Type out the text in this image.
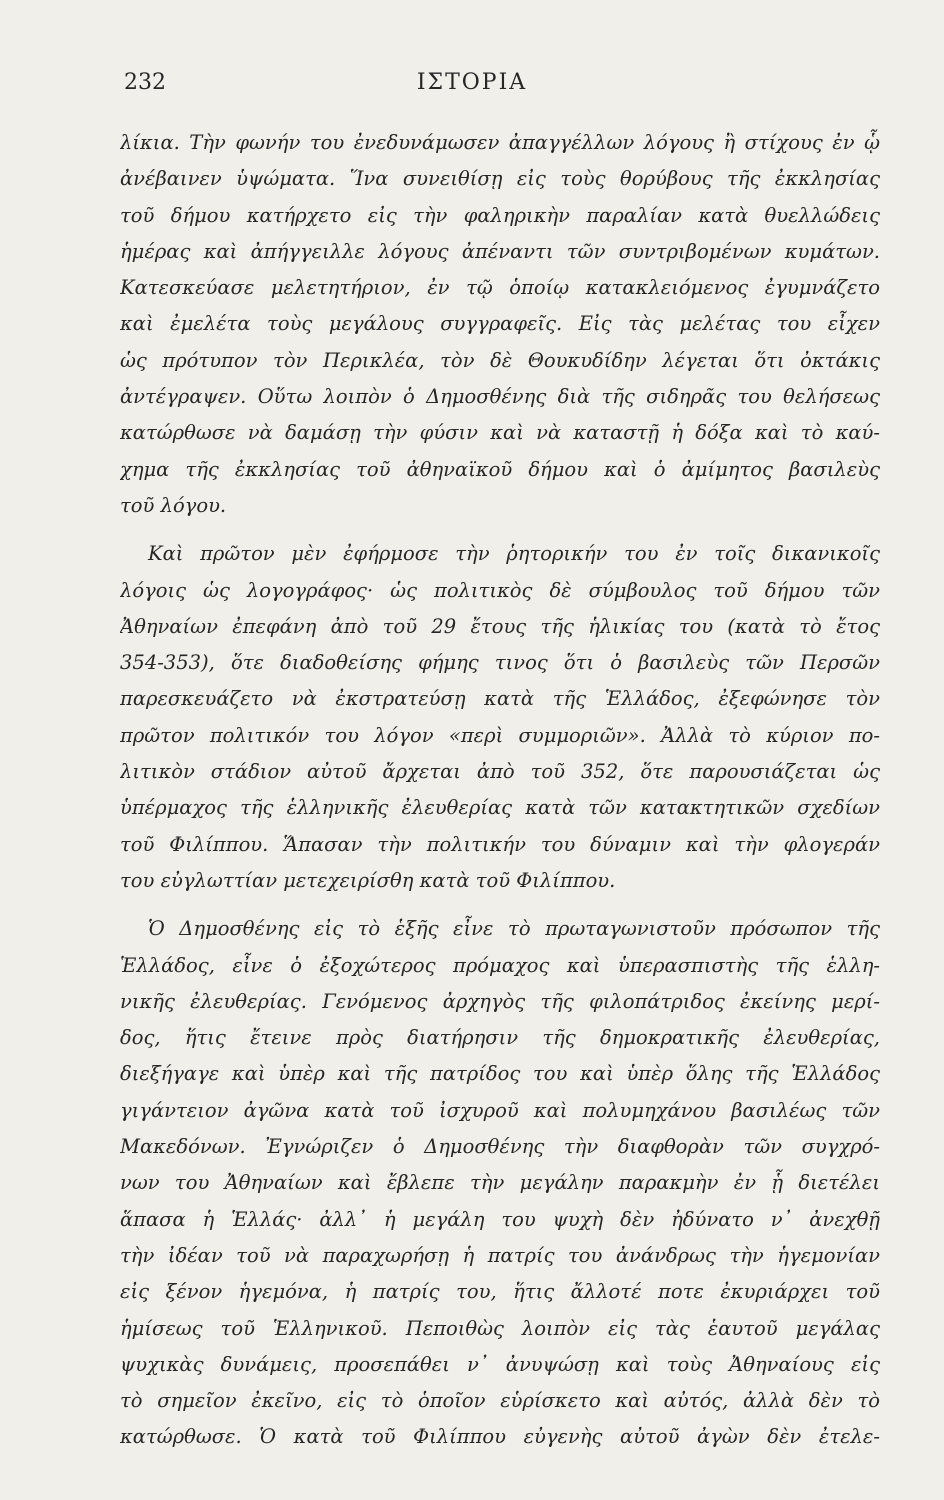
232	ΙΣΤΟΡΙΑ
λίκια. Τὴν φωνήν του ἐνεδυνάμωσεν ἀπαγγέλλων λόγους ἢ στίχους ἐν ᾧ
ἀνέβαινεν ὑψώματα. Ἵνα συνειθίσῃ εἰς τοὺς θορύβους τῆς ἐκκλησίας
τοῦ δήμου κατήρχετο εἰς τὴν φαληρικὴν παραλίαν κατὰ θυελλώδεις
ἡμέρας καὶ ἀπήγγειλλε λόγους ἀπέναντι τῶν συντριβομένων κυμάτων.
Κατεσκεύασε μελετητήριον, ἐν τῷ ὁποίῳ κατακλειόμενος ἐγυμνάζετο
καὶ ἐμελέτα τοὺς μεγάλους συγγραφεῖς. Εἰς τὰς μελέτας του εἶχεν
ὡς πρότυπον τὸν Περικλέα, τὸν δὲ Θουκυδίδην λέγεται ὅτι ὀκτάκις
ἀντέγραψεν. Οὕτω λοιπὸν ὁ Δημοσθένης διὰ τῆς σιδηρᾶς του θελήσεως
κατώρθωσε νὰ δαμάσῃ τὴν φύσιν καὶ νὰ καταστῇ ἡ δόξα καὶ τὸ καύ-
χημα τῆς ἐκκλησίας τοῦ ἀθηναϊκοῦ δήμου καὶ ὁ ἀμίμητος βασιλεὺς
τοῦ λόγου.
Καὶ πρῶτον μὲν ἐφήρμοσε τὴν ῥητορικήν του ἐν τοῖς δικανικοῖς
λόγοις ὡς λογογράφος· ὡς πολιτικὸς δὲ σύμβουλος τοῦ δήμου τῶν
Ἀθηναίων ἐπεφάνη ἀπὸ τοῦ 29 ἔτους τῆς ἡλικίας του (κατὰ τὸ ἔτος
354-353), ὅτε διαδοθείσης φήμης τινος ὅτι ὁ βασιλεὺς τῶν Περσῶν
παρεσκευάζετο νὰ ἐκστρατεύσῃ κατὰ τῆς Ἑλλάδος, ἐξεφώνησε τὸν
πρῶτον πολιτικόν του λόγον «περὶ συμμοριῶν». Ἀλλὰ τὸ κύριον πο-
λιτικὸν στάδιον αὐτοῦ ἄρχεται ἀπὸ τοῦ 352, ὅτε παρουσιάζεται ὡς
ὑπέρμαχος τῆς ἑλληνικῆς ἐλευθερίας κατὰ τῶν κατακτητικῶν σχεδίων
τοῦ Φιλίππου. Ἅπασαν τὴν πολιτικήν του δύναμιν καὶ τὴν φλογεράν
του εὐγλωττίαν μετεχειρίσθη κατὰ τοῦ Φιλίππου.
Ὁ Δημοσθένης εἰς τὸ ἑξῆς εἶνε τὸ πρωταγωνιστοῦν πρόσωπον τῆς
Ἑλλάδος, εἶνε ὁ ἐξοχώτερος πρόμαχος καὶ ὑπερασπιστὴς τῆς ἑλλη-
νικῆς ἐλευθερίας. Γενόμενος ἀρχηγὸς τῆς φιλοπάτριδος ἐκείνης μερί-
δος, ἥτις ἔτεινε πρὸς διατήρησιν τῆς δημοκρατικῆς ἐλευθερίας,
διεξήγαγε καὶ ὑπὲρ καὶ τῆς πατρίδος του καὶ ὑπὲρ ὅλης τῆς Ἑλλάδος
γιγάντειον ἀγῶνα κατὰ τοῦ ἰσχυροῦ καὶ πολυμηχάνου βασιλέως τῶν
Μακεδόνων. Ἐγνώριζεν ὁ Δημοσθένης τὴν διαφθορὰν τῶν συγχρό-
νων του Ἀθηναίων καὶ ἔβλεπε τὴν μεγάλην παρακμὴν ἐν ᾗ διετέλει
ἅπασα ἡ Ἑλλάς· ἀλλ᾽ ἡ μεγάλη του ψυχὴ δὲν ἠδύνατο ν᾽ ἀνεχθῇ
τὴν ἰδέαν τοῦ νὰ παραχωρήσῃ ἡ πατρίς του ἀνάνδρως τὴν ἡγεμονίαν
εἰς ξένον ἡγεμόνα, ἡ πατρίς του, ἥτις ἄλλοτέ ποτε ἐκυριάρχει τοῦ
ἡμίσεως τοῦ Ἑλληνικοῦ. Πεποιθὼς λοιπὸν εἰς τὰς ἑαυτοῦ μεγάλας
ψυχικὰς δυνάμεις, προσεπάθει ν᾽ ἀνυψώσῃ καὶ τοὺς Ἀθηναίους εἰς
τὸ σημεῖον ἐκεῖνο, εἰς τὸ ὁποῖον εὑρίσκετο καὶ αὐτός, ἀλλὰ δὲν τὸ
κατώρθωσε. Ὁ κατὰ τοῦ Φιλίππου εὐγενὴς αὐτοῦ ἀγὼν δὲν ἐτελε-
